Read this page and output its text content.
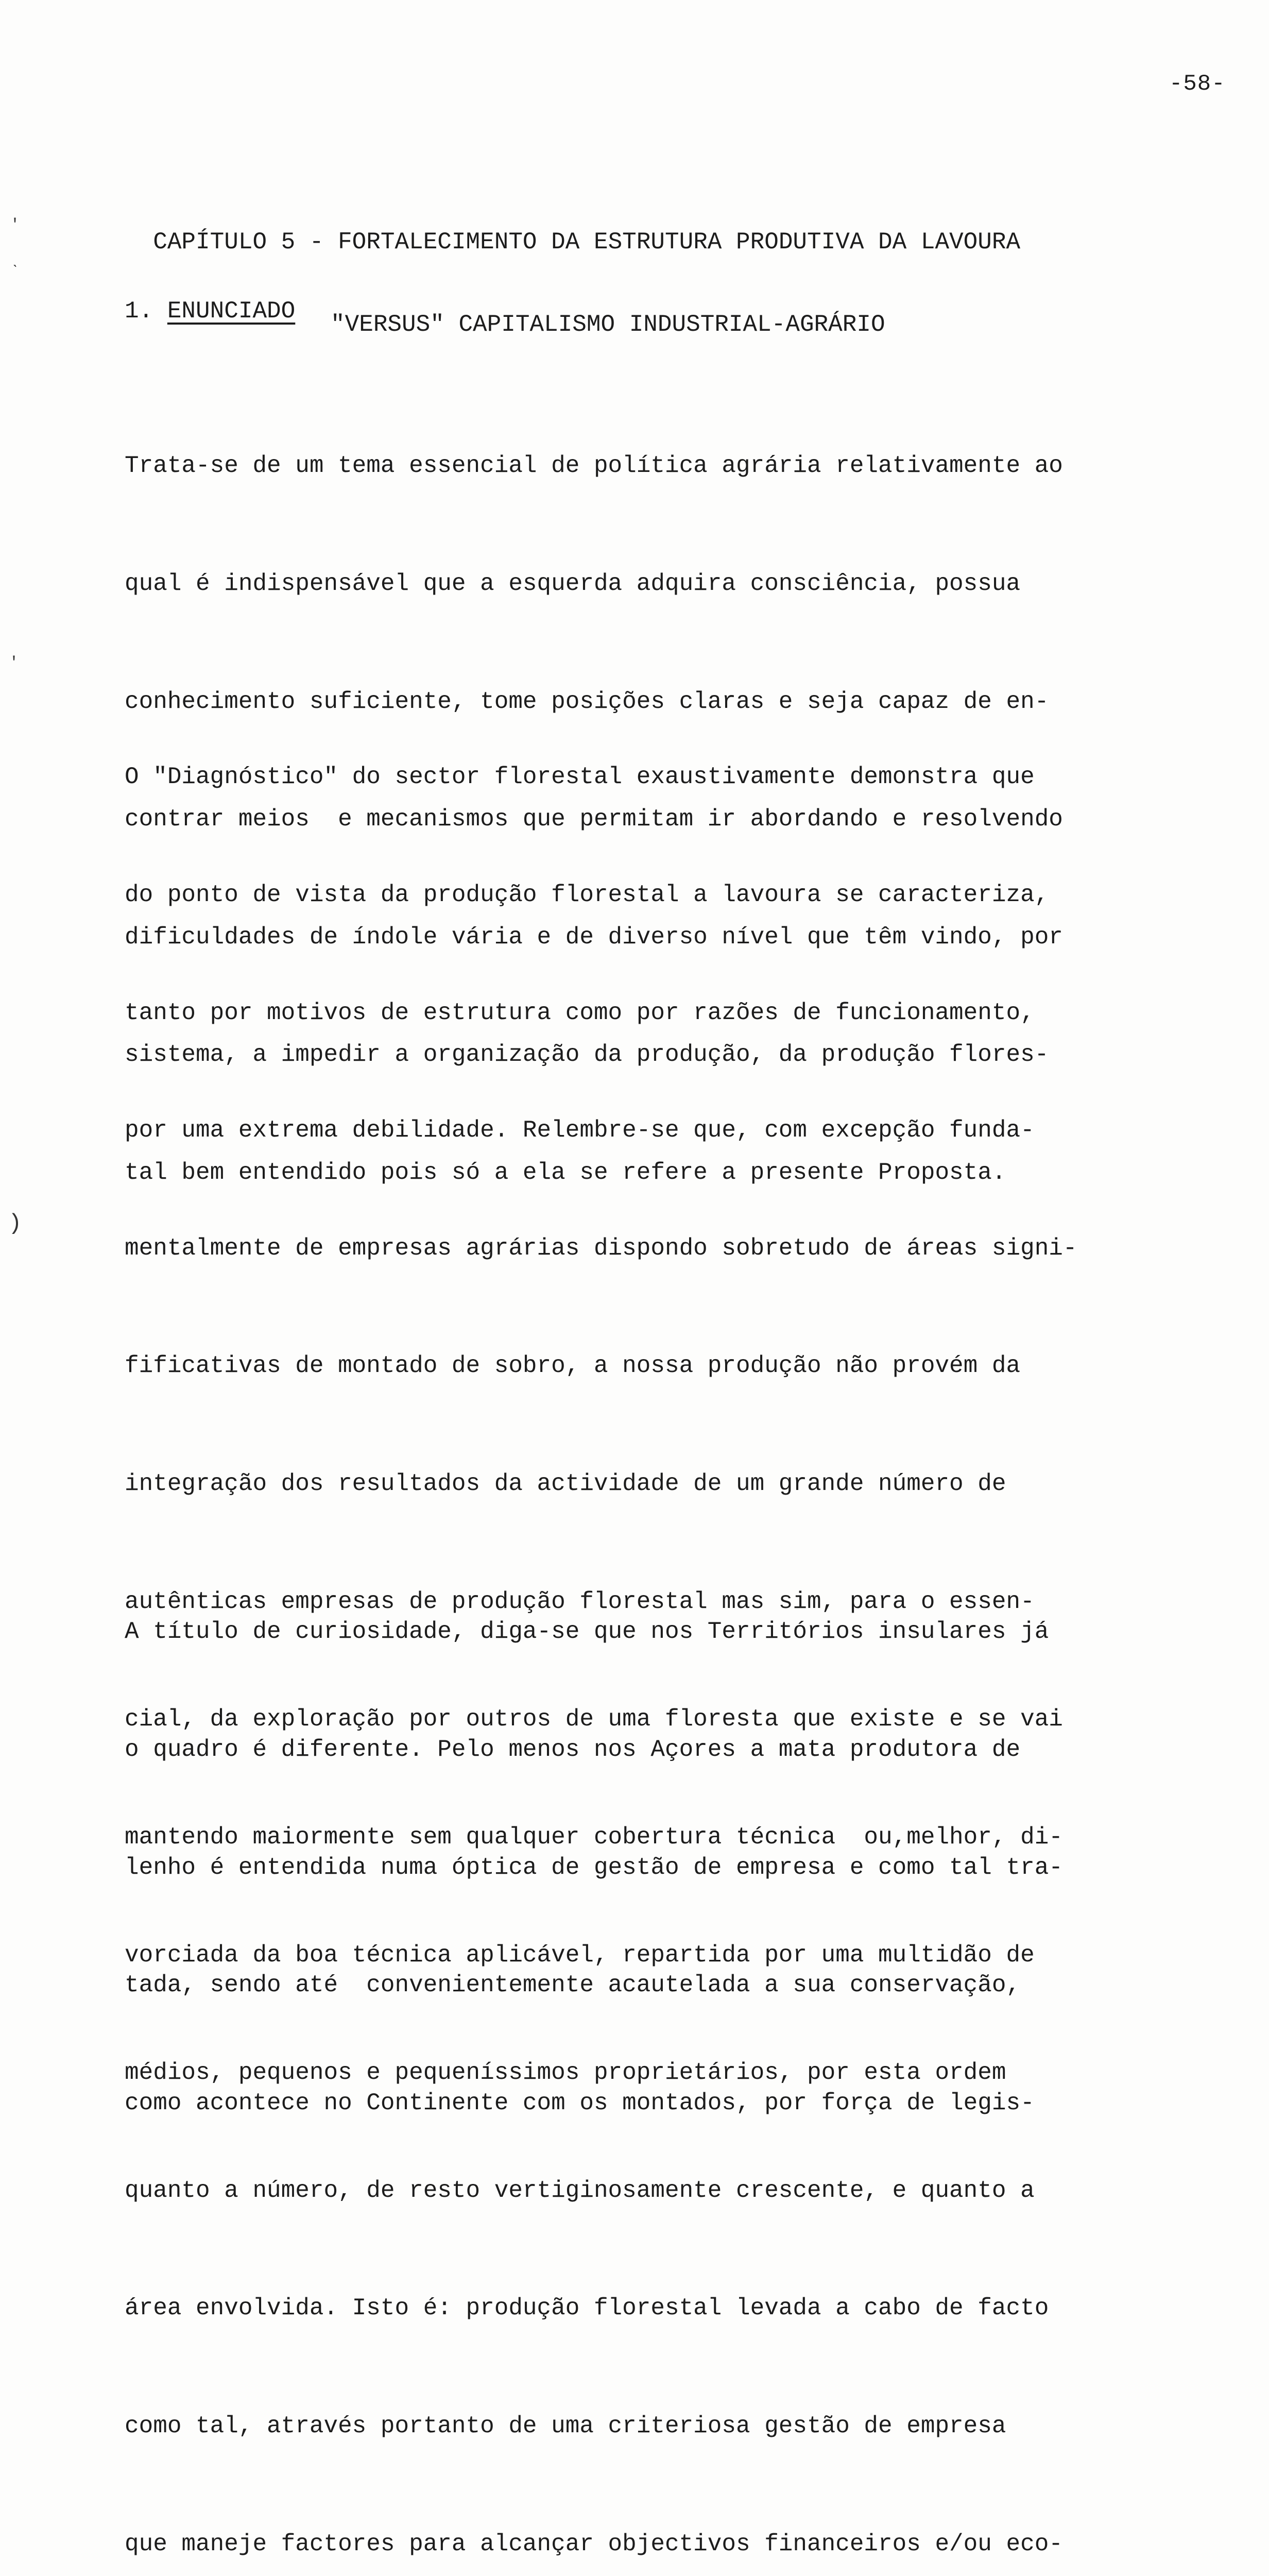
-58-

CAPÍTULO 5 - FORTALECIMENTO DA ESTRUTURA PRODUTIVA DA LAVOURA

"VERSUS" CAPITALISMO INDUSTRIAL-AGRÁRIO

1. ENUNCIADO

Trata-se de um tema essencial de política agrária relativamente ao

qual é indispensável que a esquerda adquira consciência, possua

conhecimento suficiente, tome posições claras e seja capaz de en-

contrar meios  e mecanismos que permitam ir abordando e resolvendo

dificuldades de índole vária e de diverso nível que têm vindo, por

sistema, a impedir a organização da produção, da produção flores-

tal bem entendido pois só a ela se refere a presente Proposta.

O "Diagnóstico" do sector florestal exaustivamente demonstra que

do ponto de vista da produção florestal a lavoura se caracteriza,

tanto por motivos de estrutura como por razões de funcionamento,

por uma extrema debilidade. Relembre-se que, com excepção funda-

mentalmente de empresas agrárias dispondo sobretudo de áreas signi-

fificativas de montado de sobro, a nossa produção não provém da

integração dos resultados da actividade de um grande número de

autênticas empresas de produção florestal mas sim, para o essen-

cial, da exploração por outros de uma floresta que existe e se vai

mantendo maiormente sem qualquer cobertura técnica  ou,melhor, di-

vorciada da boa técnica aplicável, repartida por uma multidão de

médios, pequenos e pequeníssimos proprietários, por esta ordem

quanto a número, de resto vertiginosamente crescente, e quanto a

área envolvida. Isto é: produção florestal levada a cabo de facto

como tal, através portanto de uma criteriosa gestão de empresa

que maneje factores para alcançar objectivos financeiros e/ou eco-

A título de curiosidade, diga-se que nos Territórios insulares já

o quadro é diferente. Pelo menos nos Açores a mata produtora de

lenho é entendida numa óptica de gestão de empresa e como tal tra-

tada, sendo até  convenientemente acautelada a sua conservação,

como acontece no Continente com os montados, por força de legis-

'
ˎ
'
)
